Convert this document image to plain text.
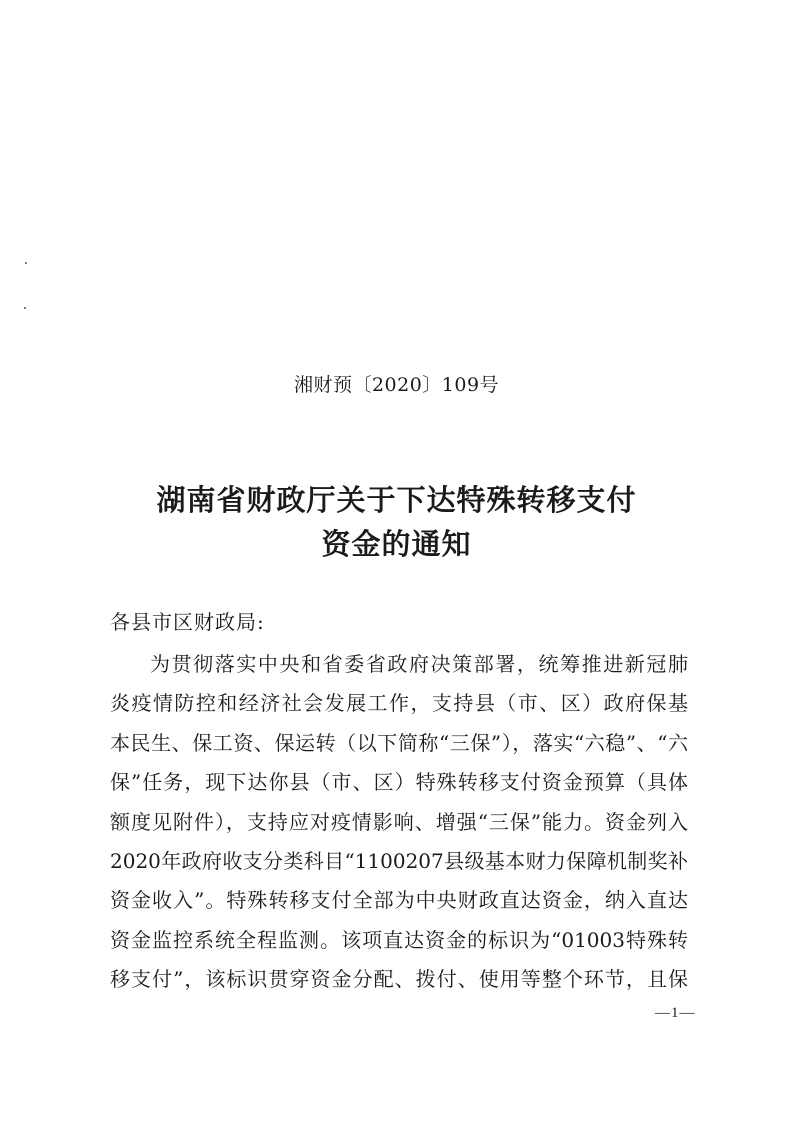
湘财预〔2020〕109号
湖南省财政厅关于下达特殊转移支付
资金的通知
各县市区财政局:
为贯彻落实中央和省委省政府决策部署，统筹推进新冠肺
炎疫情防控和经济社会发展工作，支持县（市、区）政府保基
本民生、保工资、保运转（以下简称“三保”），落实“六稳”、“六
保”任务，现下达你县（市、区）特殊转移支付资金预算（具体
额度见附件），支持应对疫情影响、增强“三保”能力。资金列入
2020年政府收支分类科目“1100207县级基本财力保障机制奖补
资金收入”。特殊转移支付全部为中央财政直达资金，纳入直达
资金监控系统全程监测。该项直达资金的标识为“01003特殊转
移支付”，该标识贯穿资金分配、拨付、使用等整个环节，且保
—1—
